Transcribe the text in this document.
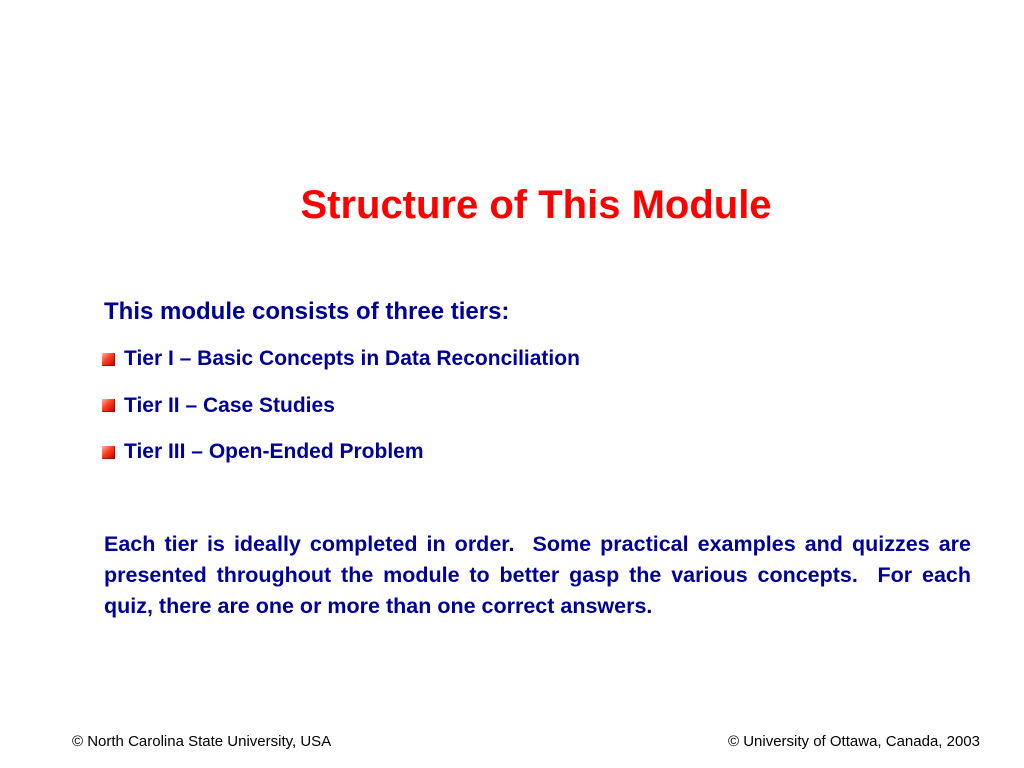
Structure of This Module

This module consists of three tiers:

Tier I – Basic Concepts in Data Reconciliation
Tier II – Case Studies
Tier III – Open-Ended Problem

Each tier is ideally completed in order.  Some practical examples and quizzes are presented throughout the module to better gasp the various concepts.  For each quiz, there are one or more than one correct answers.

© North Carolina State University, USA	© University of Ottawa, Canada, 2003
